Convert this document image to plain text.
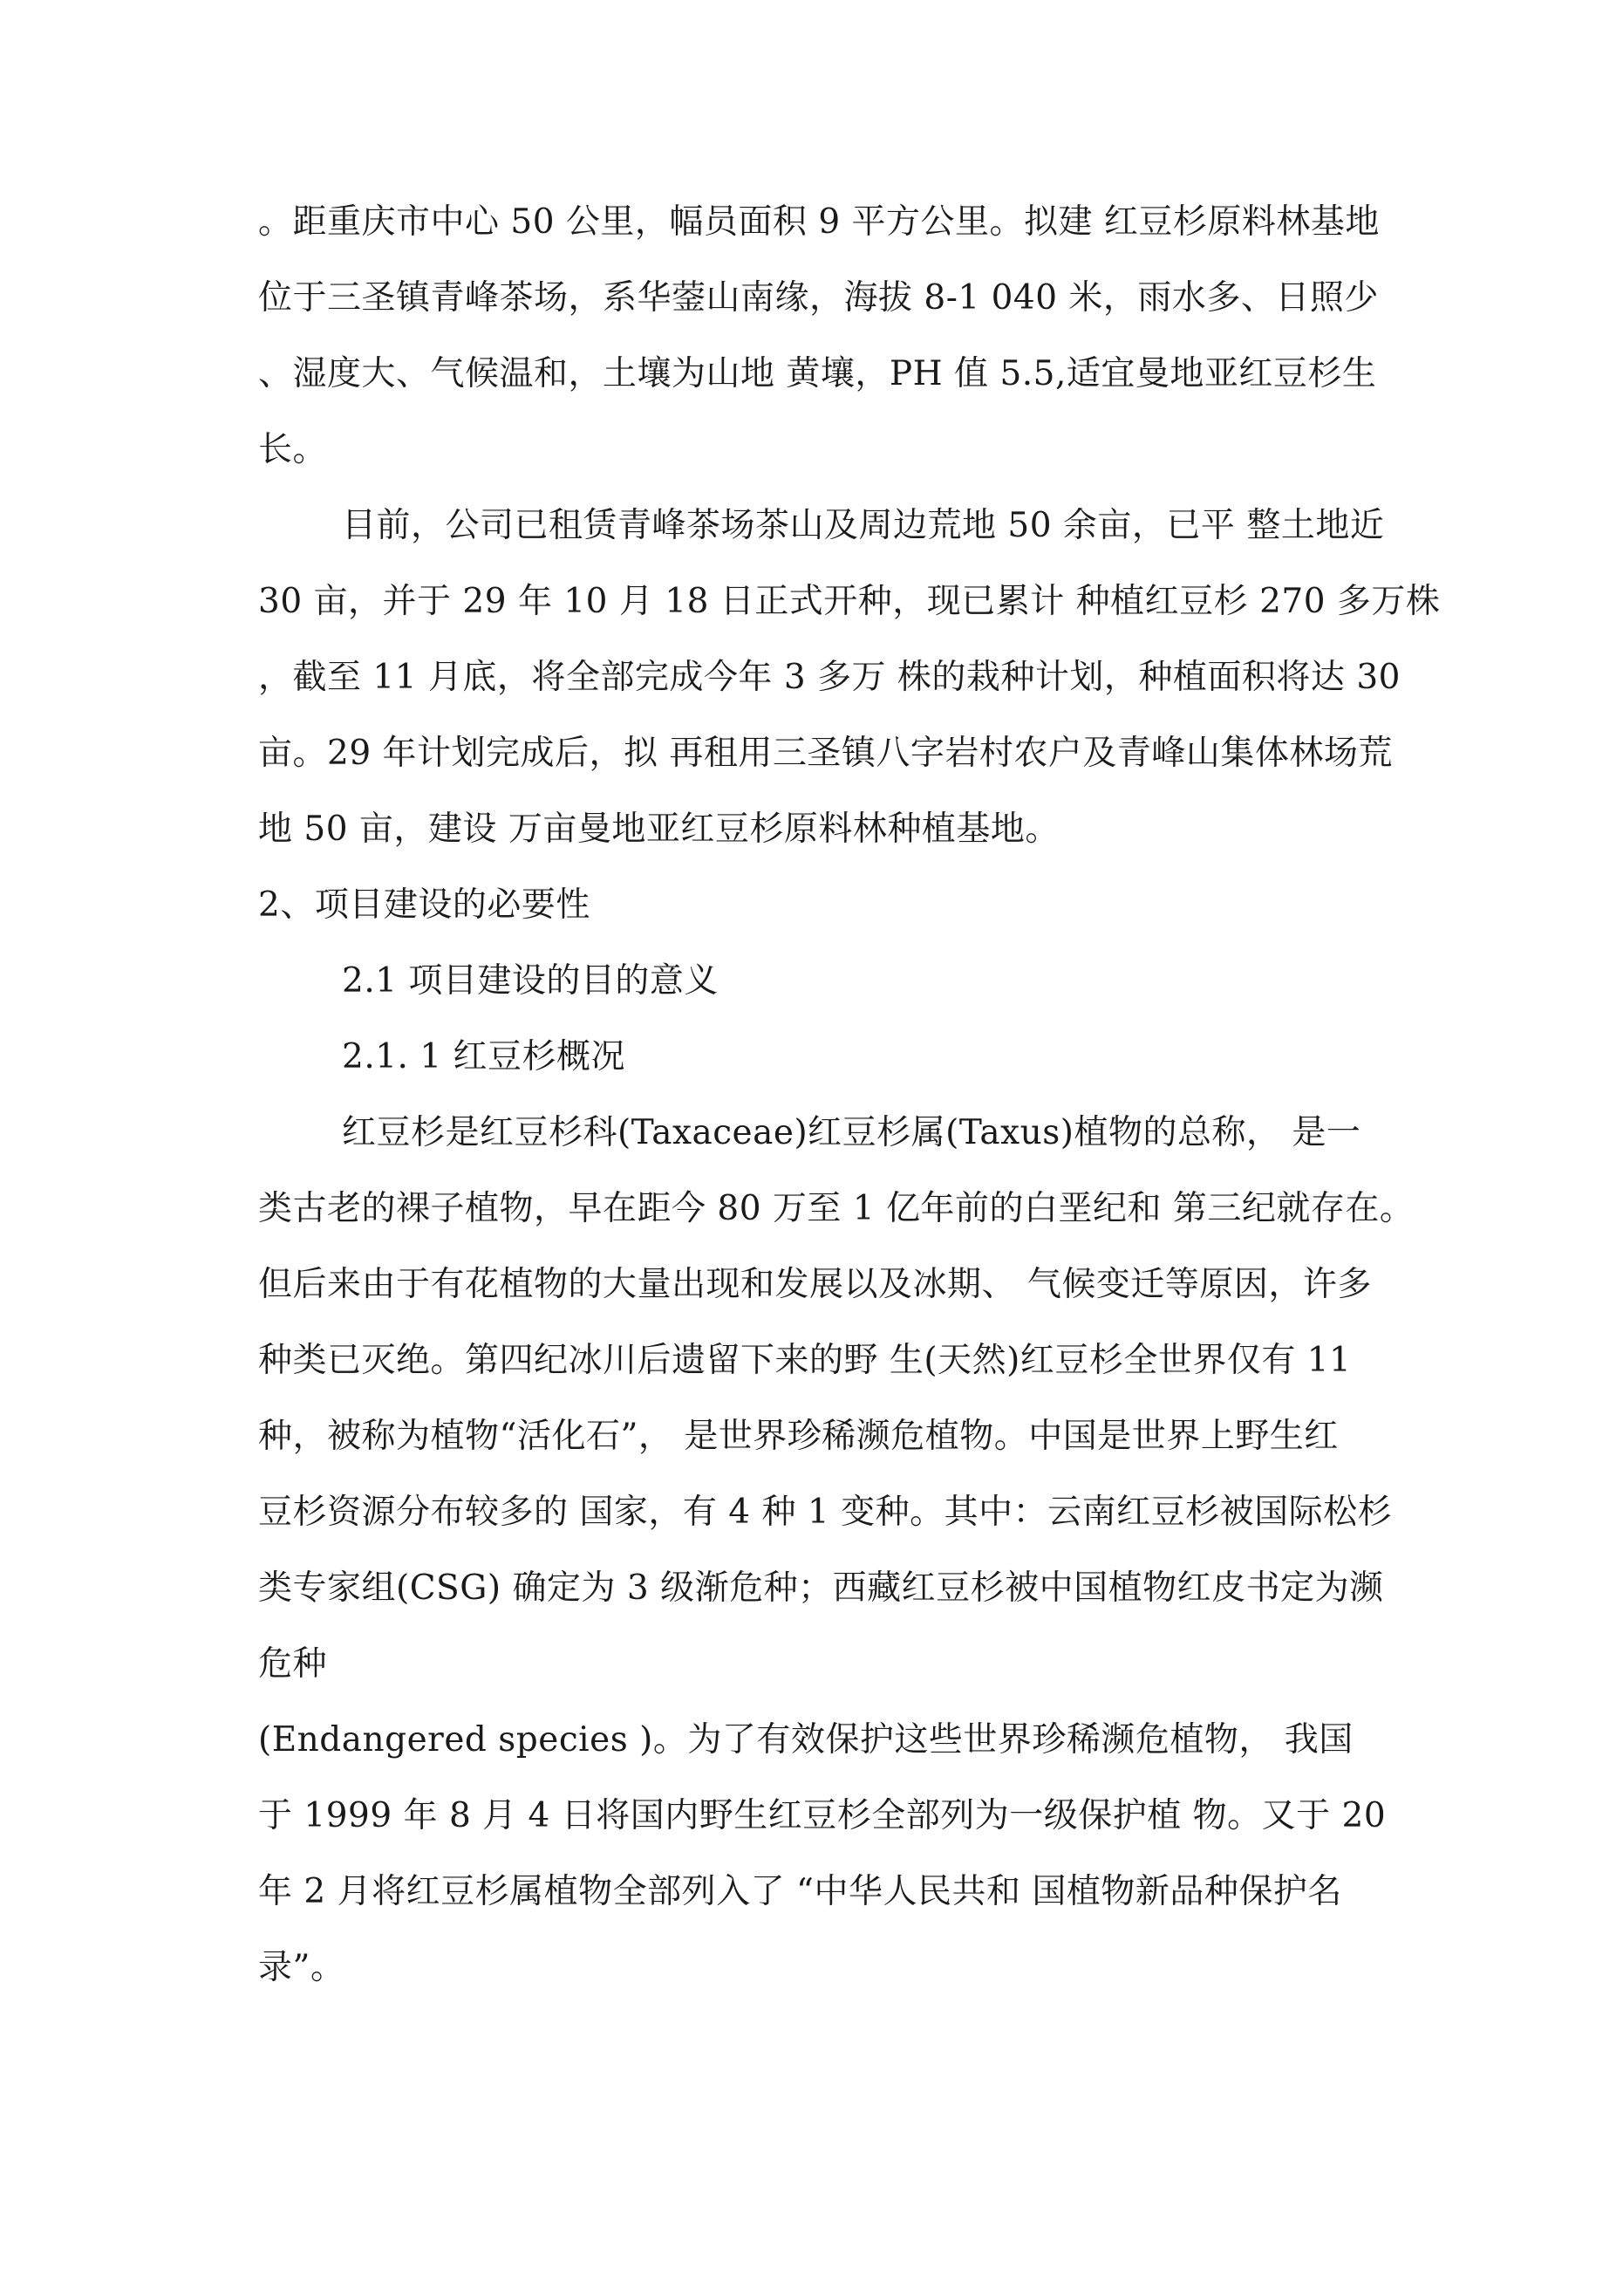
。距重庆市中心 50 公里，幅员面积 9 平方公里。拟建 红豆杉原料林基地
位于三圣镇青峰茶场，系华蓥山南缘，海拔 8-1 040 米，雨水多、日照少
、湿度大、气候温和，土壤为山地 黄壤，PH 值 5.5,适宜曼地亚红豆杉生
长。
目前，公司已租赁青峰茶场茶山及周边荒地 50 余亩，已平 整土地近
30 亩，并于 29 年 10 月 18 日正式开种，现已累计 种植红豆杉 270 多万株
，截至 11 月底，将全部完成今年 3 多万 株的栽种计划，种植面积将达 30
亩。29 年计划完成后，拟 再租用三圣镇八字岩村农户及青峰山集体林场荒
地 50 亩，建设 万亩曼地亚红豆杉原料林种植基地。
2、项目建设的必要性
2.1 项目建设的目的意义
2.1. 1 红豆杉概况
红豆杉是红豆杉科(Taxaceae)红豆杉属(Taxus)植物的总称， 是一
类古老的裸子植物，早在距今 80 万至 1 亿年前的白垩纪和 第三纪就存在。
但后来由于有花植物的大量出现和发展以及冰期、 气候变迁等原因，许多
种类已灭绝。第四纪冰川后遗留下来的野 生(天然)红豆杉全世界仅有 11
种，被称为植物“活化石”， 是世界珍稀濒危植物。中国是世界上野生红
豆杉资源分布较多的 国家，有 4 种 1 变种。其中：云南红豆杉被国际松杉
类专家组(CSG) 确定为 3 级渐危种；西藏红豆杉被中国植物红皮书定为濒
危种
(Endangered species )。为了有效保护这些世界珍稀濒危植物， 我国
于 1999 年 8 月 4 日将国内野生红豆杉全部列为一级保护植 物。又于 20
年 2 月将红豆杉属植物全部列入了 “中华人民共和 国植物新品种保护名
录”。
